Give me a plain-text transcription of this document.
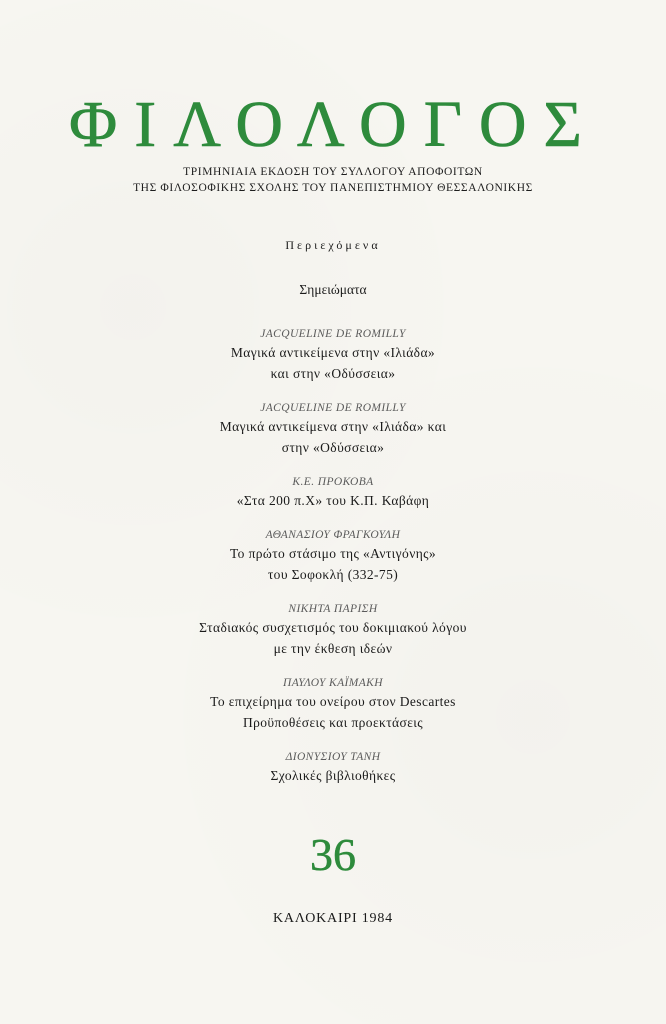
ΦΙΛΟΛΟΓΟΣ
ΤΡΙΜΗΝΙΑΙΑ ΕΚΔΟΣΗ ΤΟΥ ΣΥΛΛΟΓΟΥ ΑΠΟΦΟΙΤΩΝ
ΤΗΣ ΦΙΛΟΣΟΦΙΚΗΣ ΣΧΟΛΗΣ ΤΟΥ ΠΑΝΕΠΙΣΤΗΜΙΟΥ ΘΕΣΣΑΛΟΝΙΚΗΣ
Περιεχόμενα
Σημειώματα
JACQUELINE DE ROMILLY
Μαγικά αντικείμενα στην «Ιλιάδα»
και στην «Οδύσσεια»
JACQUELINE DE ROMILLY
Μαγικά αντικείμενα στην «Ιλιάδα» και
στην «Οδύσσεια»
Κ.Ε. ΠΡΟΚΟΒΑ
«Στα 200 π.Χ» του Κ.Π. Καβάφη
ΑΘΑΝΑΣΙΟΥ ΦΡΑΓΚΟΥΛΗ
Το πρώτο στάσιμο της «Αντιγόνης»
του Σοφοκλή (332-75)
ΝΙΚΗΤΑ ΠΑΡΙΣΗ
Σταδιακός συσχετισμός του δοκιμιακού λόγου
με την έκθεση ιδεών
ΠΑΥΛΟΥ ΚΑΪΜΑΚΗ
Το επιχείρημα του ονείρου στον Descartes
Προϋποθέσεις και προεκτάσεις
ΔΙΟΝΥΣΙΟΥ ΤΑΝΗ
Σχολικές βιβλιοθήκες
36
ΚΑΛΟΚΑΙΡΙ 1984
